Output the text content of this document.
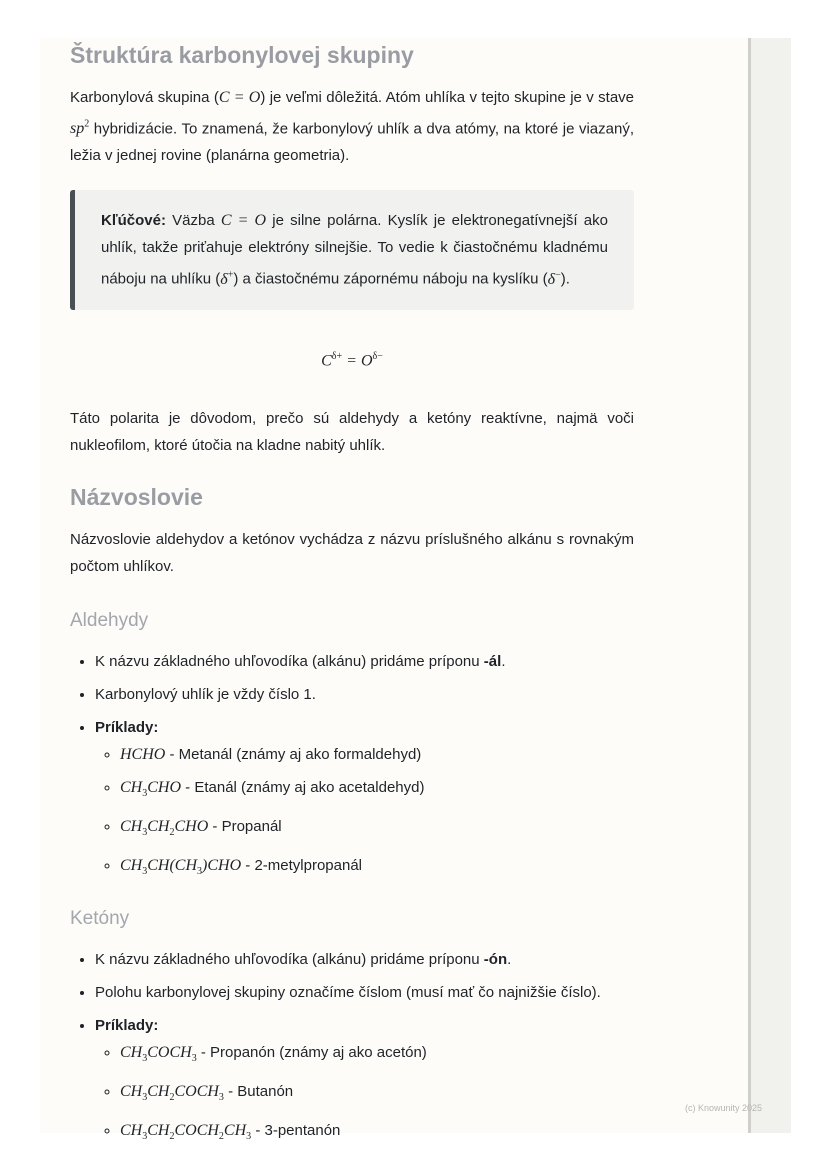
Štruktúra karbonylovej skupiny

Karbonylová skupina (C = O) je veľmi dôležitá. Atóm uhlíka v tejto skupine je v stave $sp^2$ hybridizácie. To znamená, že karbonylový uhlík a dva atómy, na ktoré je viazaný, ležia v jednej rovine (planárna geometria).

Kľúčové: Väzba C = O je silne polárna. Kyslík je elektronegatívnejší ako uhlík, takže priťahuje elektróny silnejšie. To vedie k čiastočnému kladnému náboju na uhlíku (δ+) a čiastočnému zápornému náboju na kyslíku (δ−).

$C^{\delta+} = O^{\delta-}$

Táto polarita je dôvodom, prečo sú aldehydy a ketóny reaktívne, najmä voči nukleofilom, ktoré útočia na kladne nabitý uhlík.

Názvoslovie

Názvoslovie aldehydov a ketónov vychádza z názvu príslušného alkánu s rovnakým počtom uhlíkov.

Aldehydy
• K názvu základného uhľovodíka (alkánu) pridáme príponu -ál.
• Karbonylový uhlík je vždy číslo 1.
• Príklady:
◦ HCHO - Metanál (známy aj ako formaldehyd)
◦ $CH_3CHO$ - Etanál (známy aj ako acetaldehyd)
◦ $CH_3CH_2CHO$ - Propanál
◦ $CH_3CH(CH_3)CHO$ - 2-metylpropanál
Ketóny
• K názvu základného uhľovodíka (alkánu) pridáme príponu -ón.
• Polohu karbonylovej skupiny označíme číslom (musí mať čo najnižšie číslo).
• Príklady:
◦ $CH_3COCH_3$ - Propanón (známy aj ako acetón)
◦ $CH_3CH_2COCH_3$ - Butanón
◦ $CH_3CH_2COCH_2CH_3$ - 3-pentanón
(c) Knowunity 2025
